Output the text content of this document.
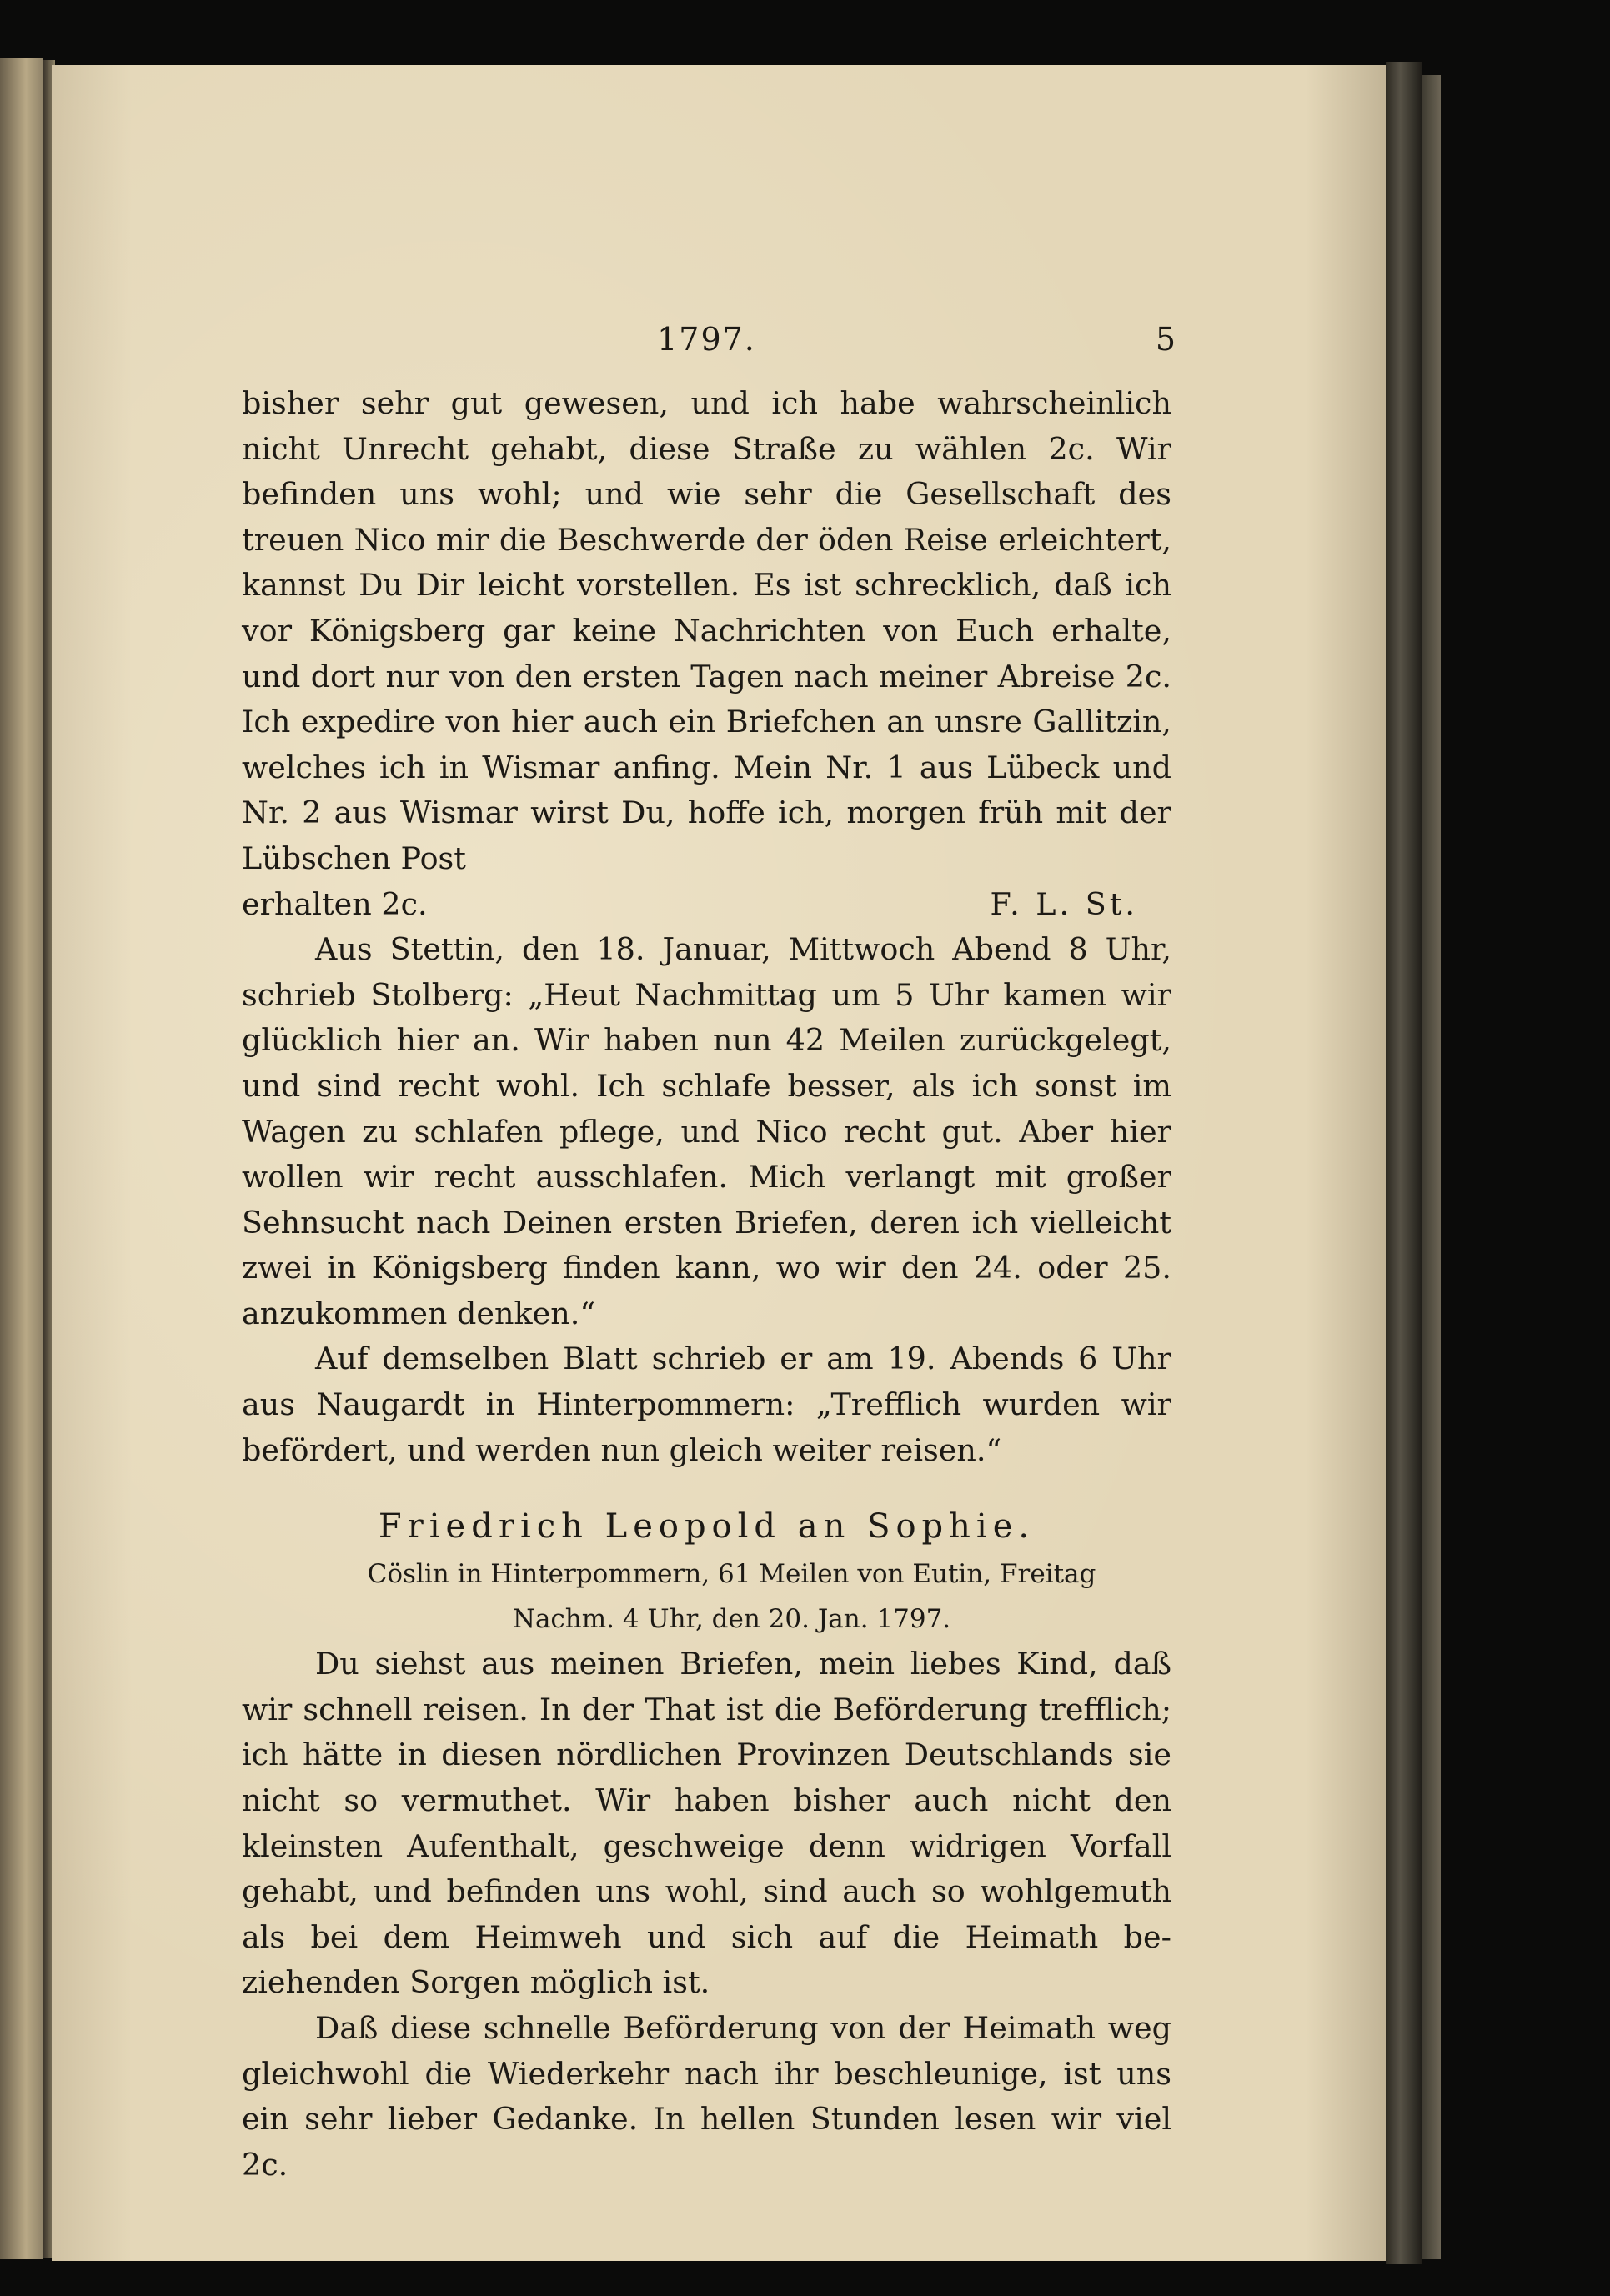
1797.	5

bisher sehr gut gewesen, und ich habe wahrscheinlich nicht Unrecht gehabt, diese Straße zu wählen 2c. Wir befinden uns wohl; und wie sehr die Gesellschaft des treuen Nico mir die Beschwerde der öden Reise erleichtert, kannst Du Dir leicht vorstellen. Es ist schrecklich, daß ich vor Königsberg gar keine Nachrichten von Euch erhalte, und dort nur von den ersten Tagen nach meiner Abreise 2c. Ich expedire von hier auch ein Briefchen an unsre Gallitzin, welches ich in Wismar anfing. Mein Nr. 1 aus Lübeck und Nr. 2 aus Wismar wirst Du, hoffe ich, morgen früh mit der Lübschen Post

erhalten 2c.	F. L. St.

Aus Stettin, den 18. Januar, Mittwoch Abend 8 Uhr, schrieb Stolberg: „Heut Nachmittag um 5 Uhr kamen wir glücklich hier an. Wir haben nun 42 Meilen zurückgelegt, und sind recht wohl. Ich schlafe besser, als ich sonst im Wagen zu schlafen pflege, und Nico recht gut. Aber hier wollen wir recht ausschlafen. Mich verlangt mit großer Sehnsucht nach Deinen ersten Briefen, deren ich vielleicht zwei in Königsberg finden kann, wo wir den 24. oder 25. anzukommen denken.“

Auf demselben Blatt schrieb er am 19. Abends 6 Uhr aus Naugardt in Hinterpommern: „Trefflich wurden wir befördert, und werden nun gleich weiter reisen.“

Friedrich Leopold an Sophie.
Cöslin in Hinterpommern, 61 Meilen von Eutin, Freitag
Nachm. 4 Uhr, den 20. Jan. 1797.

Du siehst aus meinen Briefen, mein liebes Kind, daß wir schnell reisen. In der That ist die Beförderung trefflich; ich hätte in diesen nördlichen Provinzen Deutschlands sie nicht so vermuthet. Wir haben bisher auch nicht den kleinsten Aufenthalt, geschweige denn widrigen Vorfall gehabt, und befinden uns wohl, sind auch so wohlgemuth als bei dem Heimweh und sich auf die Heimath beziehenden Sorgen möglich ist.

Daß diese schnelle Beförderung von der Heimath weg gleichwohl die Wiederkehr nach ihr beschleunige, ist uns ein sehr lieber Gedanke. In hellen Stunden lesen wir viel 2c.
